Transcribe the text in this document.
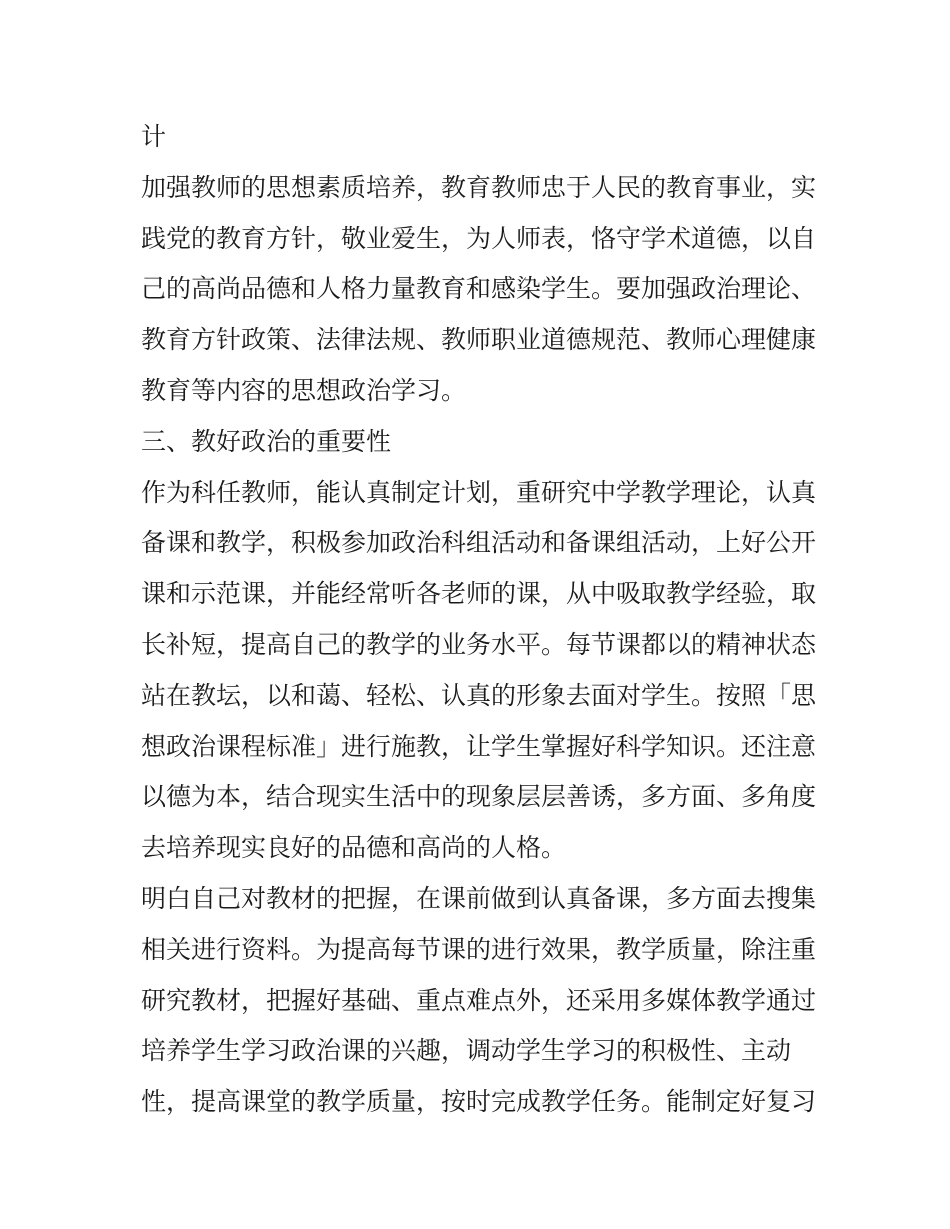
计
加强教师的思想素质培养，教育教师忠于人民的教育事业，实
践党的教育方针，敬业爱生，为人师表，恪守学术道德，以自
己的高尚品德和人格力量教育和感染学生。要加强政治理论、
教育方针政策、法律法规、教师职业道德规范、教师心理健康
教育等内容的思想政治学习。
三、教好政治的重要性
作为科任教师，能认真制定计划，重研究中学教学理论，认真
备课和教学，积极参加政治科组活动和备课组活动，上好公开
课和示范课，并能经常听各老师的课，从中吸取教学经验，取
长补短，提高自己的教学的业务水平。每节课都以的精神状态
站在教坛，以和蔼、轻松、认真的形象去面对学生。按照「思
想政治课程标准」进行施教，让学生掌握好科学知识。还注意
以德为本，结合现实生活中的现象层层善诱，多方面、多角度
去培养现实良好的品德和高尚的人格。
明白自己对教材的把握，在课前做到认真备课，多方面去搜集
相关进行资料。为提高每节课的进行效果，教学质量，除注重
研究教材，把握好基础、重点难点外，还采用多媒体教学通过
培养学生学习政治课的兴趣，调动学生学习的积极性、主动
性，提高课堂的教学质量，按时完成教学任务。能制定好复习
